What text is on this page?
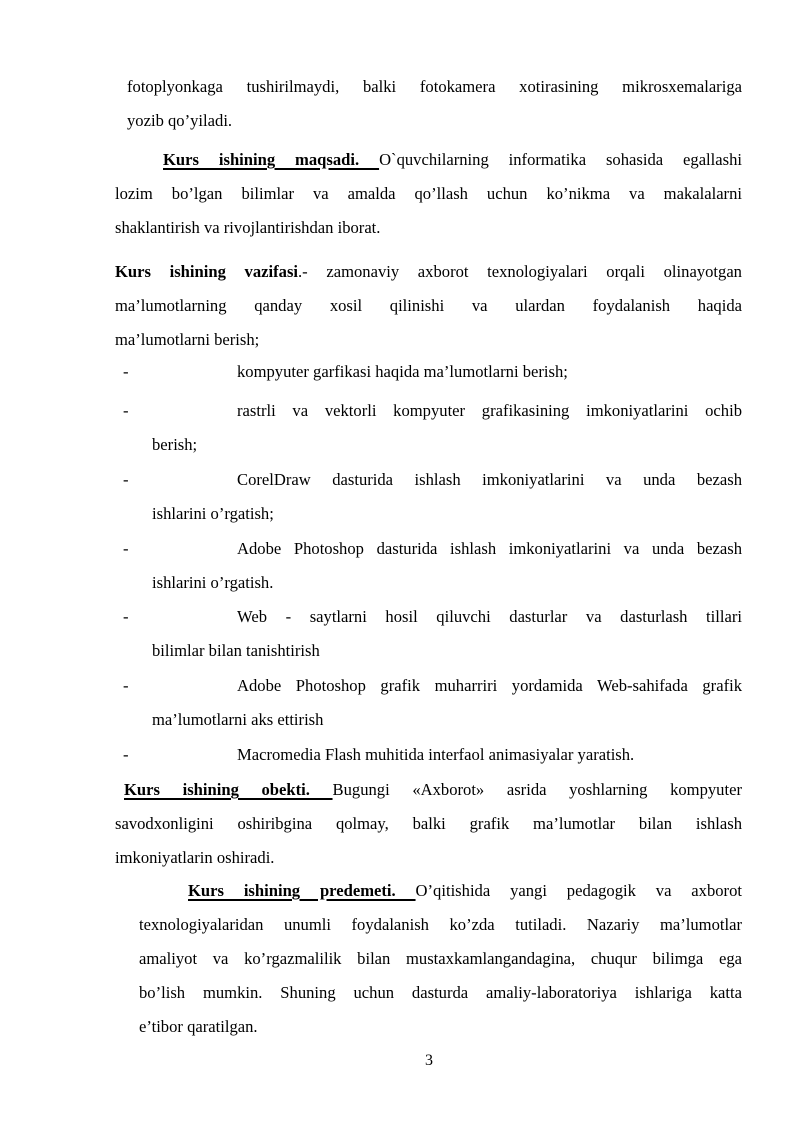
fotoplyonkaga tushirilmaydi, balki fotokamera xotirasining mikrosxemalariga
yozib qo’yiladi.
Kurs ishining maqsadi. O`quvchilarning informatika sohasida egallashi
lozim bo’lgan bilimlar va amalda qo’llash uchun ko’nikma va makalalarni
shaklantirish va rivojlantirishdan iborat.
Kurs ishining vazifasi.- zamonaviy axborot texnologiyalari orqali olinayotgan
ma’lumotlarning qanday xosil qilinishi va ulardan foydalanish haqida
ma’lumotlarni berish;
-	kompyuter garfikasi haqida ma’lumotlarni berish;
-	rastrli va vektorli kompyuter grafikasining imkoniyatlarini ochib
berish;
-	CorelDraw dasturida ishlash imkoniyatlarini va unda bezash
ishlarini o’rgatish;
-	Adobe Photoshop dasturida ishlash imkoniyatlarini va unda bezash
ishlarini o’rgatish.
-	Web - saytlarni hosil qiluvchi dasturlar va dasturlash tillari
bilimlar bilan tanishtirish
-	Adobe Photoshop grafik muharriri yordamida Web-sahifada grafik
ma’lumotlarni aks ettirish
-	Macromedia Flash muhitida interfaol animasiyalar yaratish.
Kurs ishining obekti. Bugungi «Axborot» asrida yoshlarning kompyuter
savodxonligini oshiribgina qolmay, balki grafik ma’lumotlar bilan ishlash
imkoniyatlarin oshiradi.
Kurs ishining predemeti. O’qitishida yangi pedagogik va axborot
texnologiyalaridan unumli foydalanish ko’zda tutiladi. Nazariy ma’lumotlar
amaliyot va ko’rgazmalilik bilan mustaxkamlangandagina, chuqur bilimga ega
bo’lish mumkin. Shuning uchun dasturda amaliy-laboratoriya ishlariga katta
e’tibor qaratilgan.
3
